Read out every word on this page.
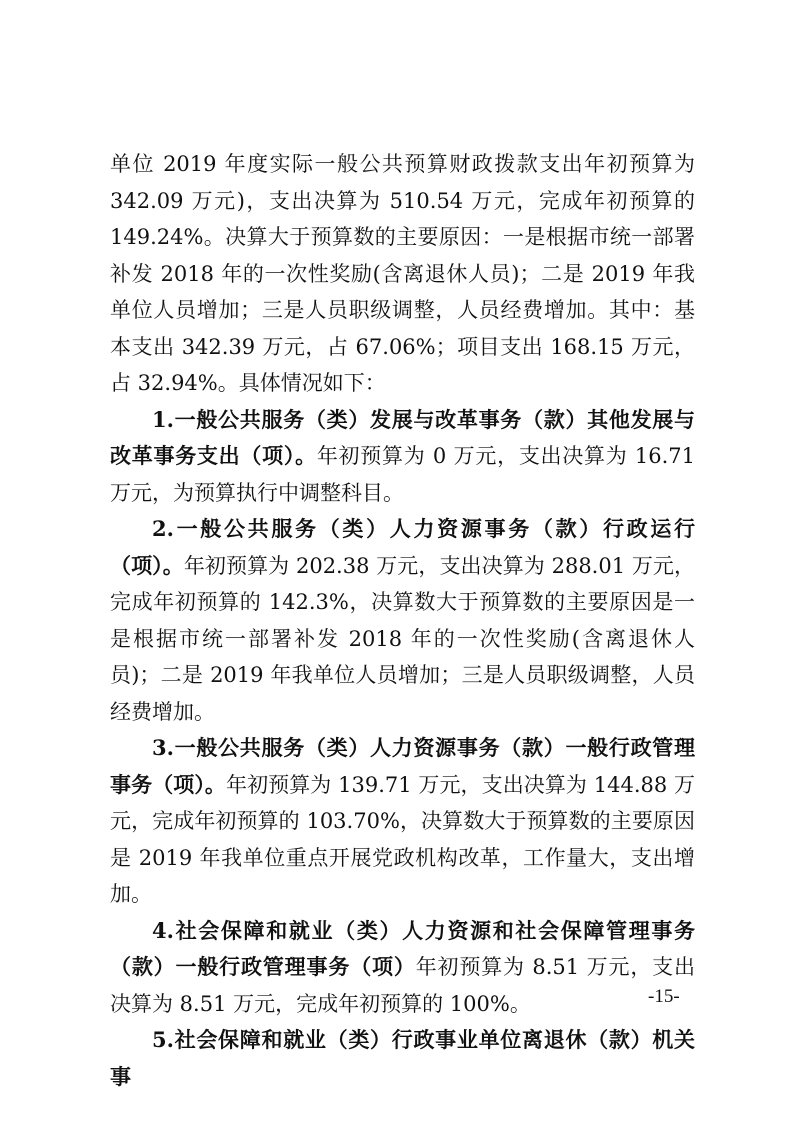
单位 2019 年度实际一般公共预算财政拨款支出年初预算为 342.09 万元)，支出决算为 510.54 万元，完成年初预算的 149.24%。决算大于预算数的主要原因：一是根据市统一部署补发 2018 年的一次性奖励(含离退休人员)；二是 2019 年我单位人员增加；三是人员职级调整，人员经费增加。其中：基本支出 342.39 万元，占 67.06%；项目支出 168.15 万元，占 32.94%。具体情况如下：

1.一般公共服务（类）发展与改革事务（款）其他发展与改革事务支出（项）。年初预算为 0 万元，支出决算为 16.71 万元，为预算执行中调整科目。

2.一般公共服务（类）人力资源事务（款）行政运行（项）。年初预算为 202.38 万元，支出决算为 288.01 万元，完成年初预算的 142.3%，决算数大于预算数的主要原因是一是根据市统一部署补发 2018 年的一次性奖励(含离退休人员)；二是 2019 年我单位人员增加；三是人员职级调整，人员经费增加。

3.一般公共服务（类）人力资源事务（款）一般行政管理事务（项）。年初预算为 139.71 万元，支出决算为 144.88 万元，完成年初预算的 103.70%，决算数大于预算数的主要原因是 2019 年我单位重点开展党政机构改革，工作量大，支出增加。

4.社会保障和就业（类）人力资源和社会保障管理事务（款）一般行政管理事务（项）年初预算为 8.51 万元，支出决算为 8.51 万元，完成年初预算的 100%。

5.社会保障和就业（类）行政事业单位离退休（款）机关事

-15-
